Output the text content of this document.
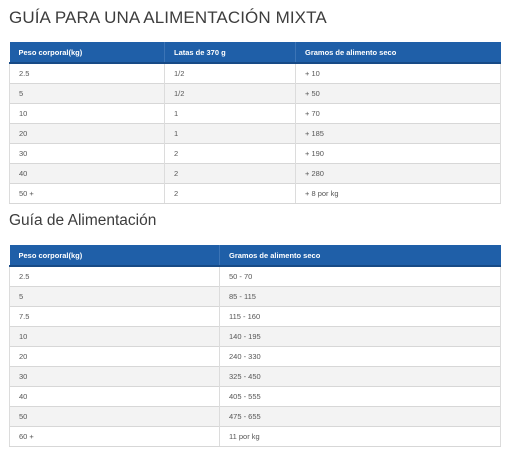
GUÍA PARA UNA ALIMENTACIÓN MIXTA
Peso corporal(kg)	Latas de 370 g	Gramos de alimento seco
2.5	1/2	+ 10
5	1/2	+ 50
10	1	+ 70
20	1	+ 185
30	2	+ 190
40	2	+ 280
50 +	2	+ 8 por kg
Guía de Alimentación
Peso corporal(kg)	Gramos de alimento seco
2.5	50 - 70
5	85 - 115
7.5	115 - 160
10	140 - 195
20	240 - 330
30	325 - 450
40	405 - 555
50	475 - 655
60 +	11 por kg
